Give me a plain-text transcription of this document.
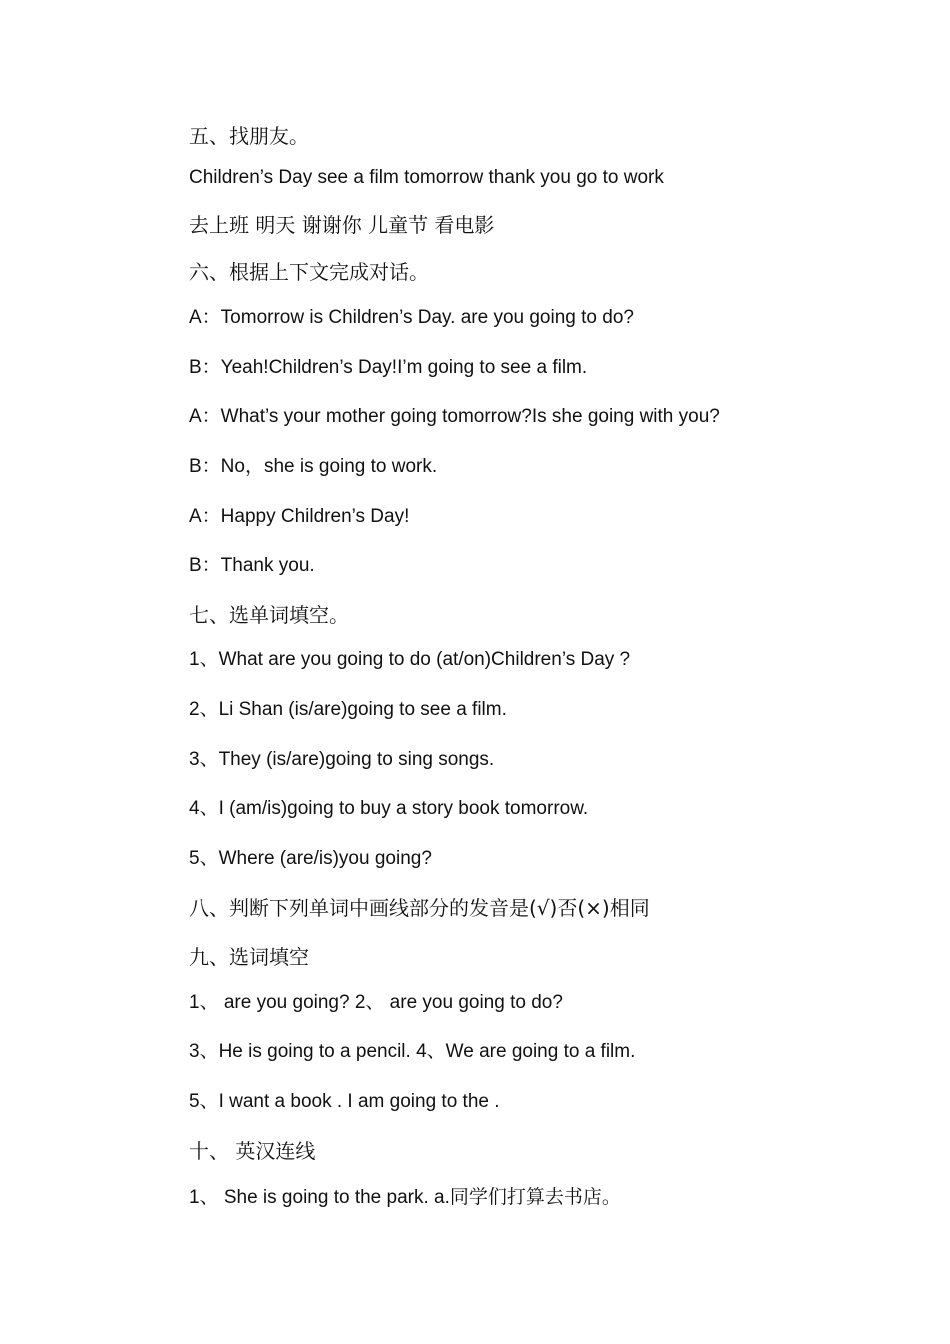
五、找朋友。
Children’s Day see a film tomorrow thank you go to work
去上班 明天 谢谢你 儿童节 看电影
六、根据上下文完成对话。
A：Tomorrow is Children’s Day. are you going to do?
B：Yeah!Children’s Day!I’m going to see a film.
A：What’s your mother going tomorrow?Is she going with you?
B：No，she is going to work.
A：Happy Children’s Day!
B：Thank you.
七、选单词填空。
1、What are you going to do (at/on)Children’s Day ?
2、Li Shan (is/are)going to see a film.
3、They (is/are)going to sing songs.
4、I (am/is)going to buy a story book tomorrow.
5、Where (are/is)you going?
八、判断下列单词中画线部分的发音是(√)否(×)相同
九、选词填空
1、 are you going? 2、 are you going to do?
3、He is going to a pencil. 4、We are going to a film.
5、I want a book . I am going to the .
十、 英汉连线
1、 She is going to the park. a.同学们打算去书店。
